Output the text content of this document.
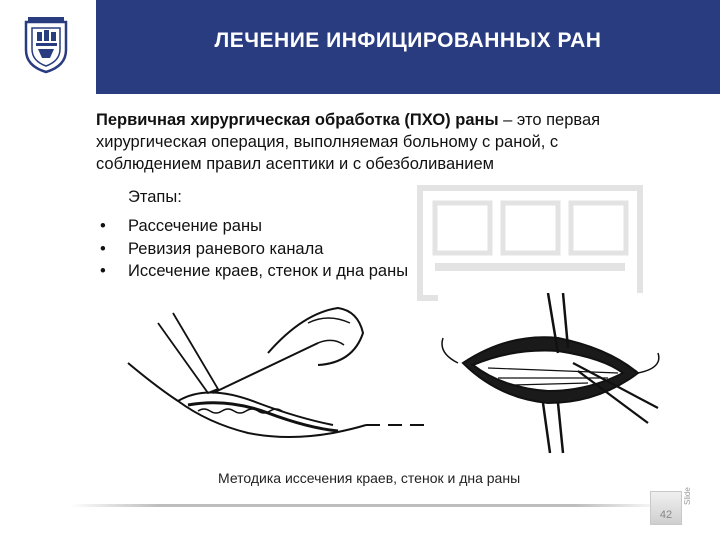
ЛЕЧЕНИЕ ИНФИЦИРОВАННЫХ РАН
Первичная хирургическая обработка (ПХО) раны – это первая хирургическая операция, выполняемая больному с раной, с соблюдением правил асептики и с обезболиванием
Этапы:
•	Рассечение раны
•	Ревизия раневого канала
•	Иссечение краев, стенок и дна раны
Методика иссечения краев, стенок и дна раны
42
Slide
